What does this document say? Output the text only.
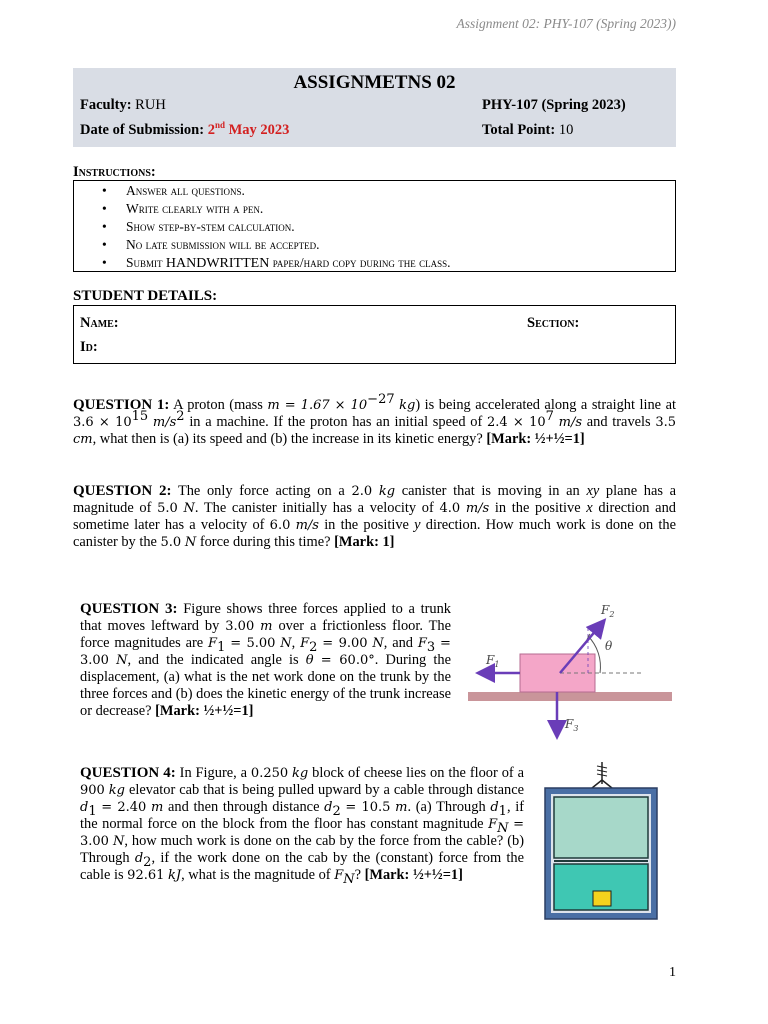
Assignment 02: PHY-107 (Spring 2023))
ASSIGNMETNS 02
Faculty: RUH	PHY-107 (Spring 2023)
Date of Submission: 2nd May 2023	Total Point: 10
Instructions:
• Answer all questions.
• Write clearly with a pen.
• Show step-by-stem calculation.
• No late submission will be accepted.
• Submit HANDWRITTEN paper/hard copy during the class.
STUDENT DETAILS:
Name:	Section:
Id:
QUESTION 1: A proton (mass $m = 1.67 \times 10^{-27}$ kg) is being accelerated along a straight line at $3.6 \times 10^{15}$ $m/s^2$ in a machine. If the proton has an initial speed of $2.4 \times 10^7$ m/s and travels 3.5 cm, what then is (a) its speed and (b) the increase in its kinetic energy? [Mark: ½+½=1]
QUESTION 2: The only force acting on a 2.0 kg canister that is moving in an xy plane has a magnitude of 5.0 N. The canister initially has a velocity of 4.0 m/s in the positive x direction and sometime later has a velocity of 6.0 m/s in the positive y direction. How much work is done on the canister by the 5.0 N force during this time? [Mark: 1]
QUESTION 3: Figure shows three forces applied to a trunk that moves leftward by 3.00 m over a frictionless floor. The force magnitudes are $F_1 = 5.00$ N, $F_2 = 9.00$ N, and $F_3 = 3.00$ N, and the indicated angle is θ = 60.0°. During the displacement, (a) what is the net work done on the trunk by the three forces and (b) does the kinetic energy of the trunk increase or decrease? [Mark: ½+½=1]
$F_1$
$F_2$
$F_3$
θ
QUESTION 4: In Figure, a 0.250 kg block of cheese lies on the floor of a 900 kg elevator cab that is being pulled upward by a cable through distance $d_1 = 2.40$ m and then through distance $d_2 = 10.5$ m. (a) Through $d_1$, if the normal force on the block from the floor has constant magnitude $F_N = 3.00$ N, how much work is done on the cab by the force from the cable? (b) Through $d_2$, if the work done on the cab by the (constant) force from the cable is 92.61 kJ, what is the magnitude of $F_N$? [Mark: ½+½=1]
1
